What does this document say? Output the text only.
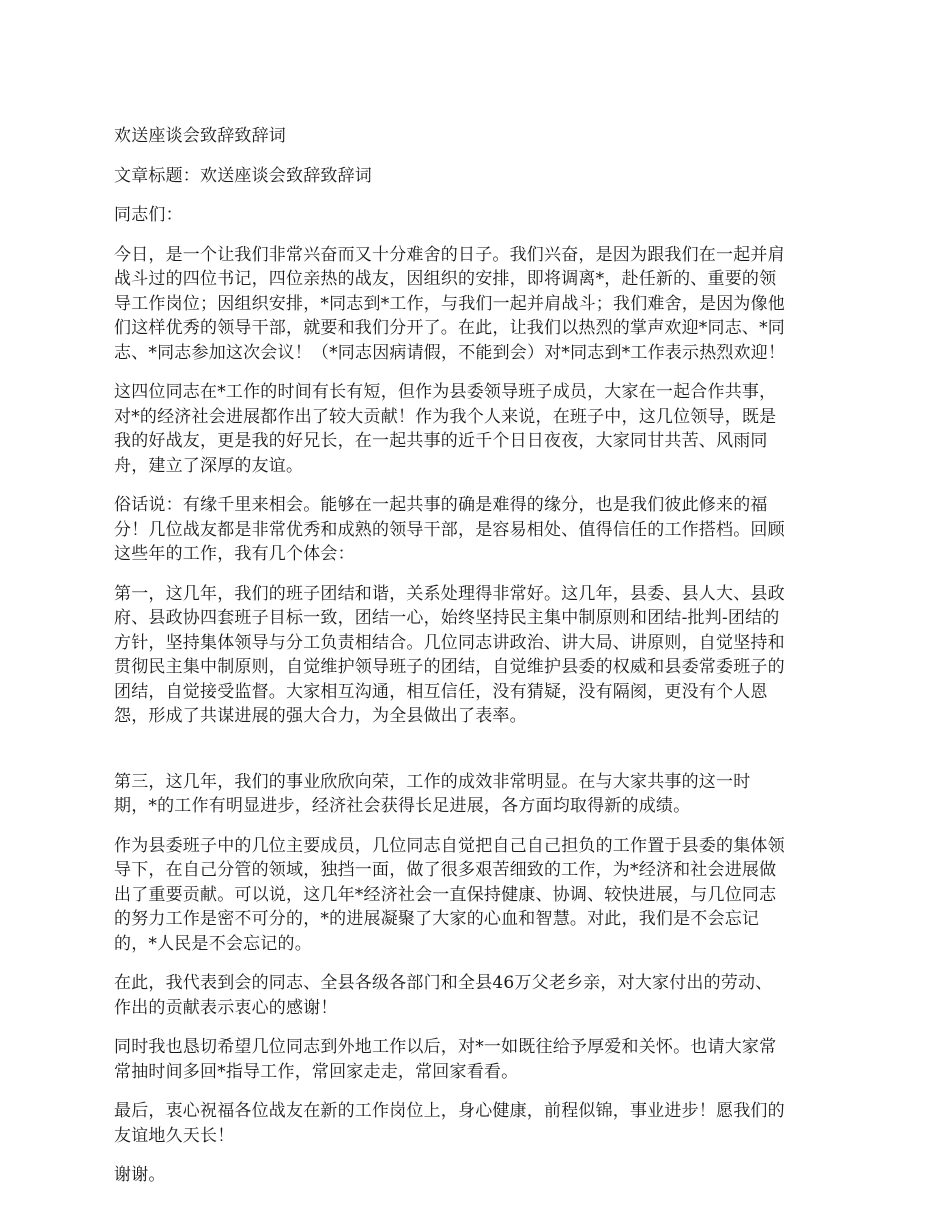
欢送座谈会致辞致辞词

文章标题：欢送座谈会致辞致辞词

同志们：

今日，是一个让我们非常兴奋而又十分难舍的日子。我们兴奋，是因为跟我们在一起并肩
战斗过的四位书记，四位亲热的战友，因组织的安排，即将调离*，赴任新的、重要的领
导工作岗位；因组织安排，*同志到*工作，与我们一起并肩战斗；我们难舍，是因为像他
们这样优秀的领导干部，就要和我们分开了。在此，让我们以热烈的掌声欢迎*同志、*同
志、*同志参加这次会议！（*同志因病请假，不能到会）对*同志到*工作表示热烈欢迎！

这四位同志在*工作的时间有长有短，但作为县委领导班子成员，大家在一起合作共事，
对*的经济社会进展都作出了较大贡献！作为我个人来说，在班子中，这几位领导，既是
我的好战友，更是我的好兄长，在一起共事的近千个日日夜夜，大家同甘共苦、风雨同
舟，建立了深厚的友谊。

俗话说：有缘千里来相会。能够在一起共事的确是难得的缘分，也是我们彼此修来的福
分！几位战友都是非常优秀和成熟的领导干部，是容易相处、值得信任的工作搭档。回顾
这些年的工作，我有几个体会：

第一，这几年，我们的班子团结和谐，关系处理得非常好。这几年，县委、县人大、县政
府、县政协四套班子目标一致，团结一心，始终坚持民主集中制原则和团结-批判-团结的
方针，坚持集体领导与分工负责相结合。几位同志讲政治、讲大局、讲原则，自觉坚持和
贯彻民主集中制原则，自觉维护领导班子的团结，自觉维护县委的权威和县委常委班子的
团结，自觉接受监督。大家相互沟通，相互信任，没有猜疑，没有隔阂，更没有个人恩
怨，形成了共谋进展的强大合力，为全县做出了表率。

第三，这几年，我们的事业欣欣向荣，工作的成效非常明显。在与大家共事的这一时
期，*的工作有明显进步，经济社会获得长足进展，各方面均取得新的成绩。

作为县委班子中的几位主要成员，几位同志自觉把自己自己担负的工作置于县委的集体领
导下，在自己分管的领域，独挡一面，做了很多艰苦细致的工作，为*经济和社会进展做
出了重要贡献。可以说，这几年*经济社会一直保持健康、协调、较快进展，与几位同志
的努力工作是密不可分的，*的进展凝聚了大家的心血和智慧。对此，我们是不会忘记
的，*人民是不会忘记的。

在此，我代表到会的同志、全县各级各部门和全县46万父老乡亲，对大家付出的劳动、
作出的贡献表示衷心的感谢！

同时我也恳切希望几位同志到外地工作以后，对*一如既往给予厚爱和关怀。也请大家常
常抽时间多回*指导工作，常回家走走，常回家看看。

最后，衷心祝福各位战友在新的工作岗位上，身心健康，前程似锦，事业进步！愿我们的
友谊地久天长！

谢谢。
